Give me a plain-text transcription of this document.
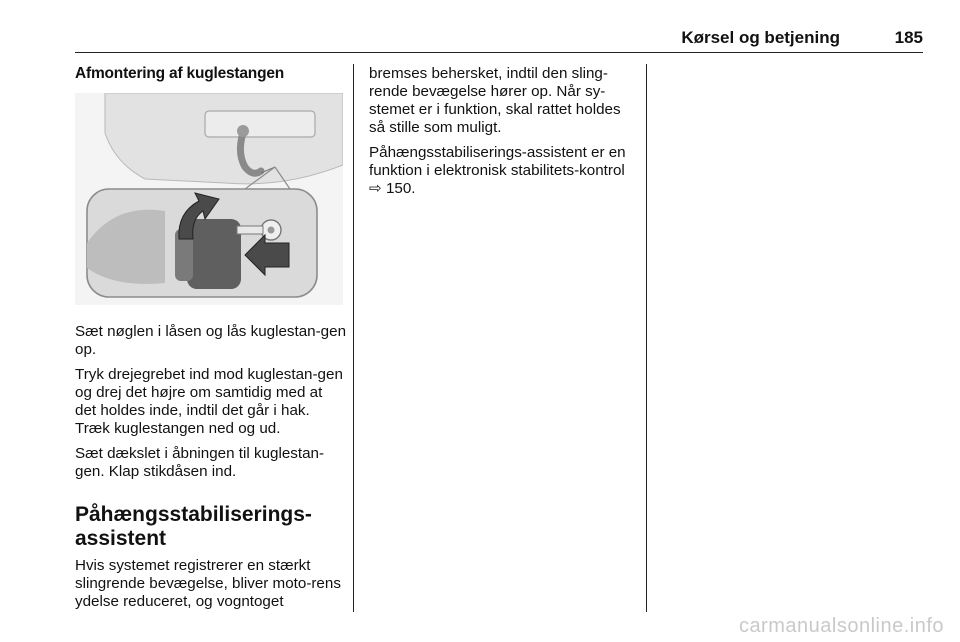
Kørsel og betjening	185
Afmontering af kuglestangen

Sæt nøglen i låsen og lås kuglestan-gen op.

Tryk drejegrebet ind mod kuglestan-gen og drej det højre om samtidig med at det holdes inde, indtil det går i hak. Træk kuglestangen ned og ud.

Sæt dækslet i åbningen til kuglestan-gen. Klap stikdåsen ind.

Påhængsstabiliserings-assistent

Hvis systemet registrerer en stærkt slingrende bevægelse, bliver moto-rens ydelse reduceret, og vogntoget

bremses behersket, indtil den sling-rende bevægelse hører op. Når sy-stemet er i funktion, skal rattet holdes så stille som muligt.

Påhængsstabiliserings-assistent er en funktion i elektronisk stabilitets-kontrol ⇨ 150.

carmanualsonline.info
